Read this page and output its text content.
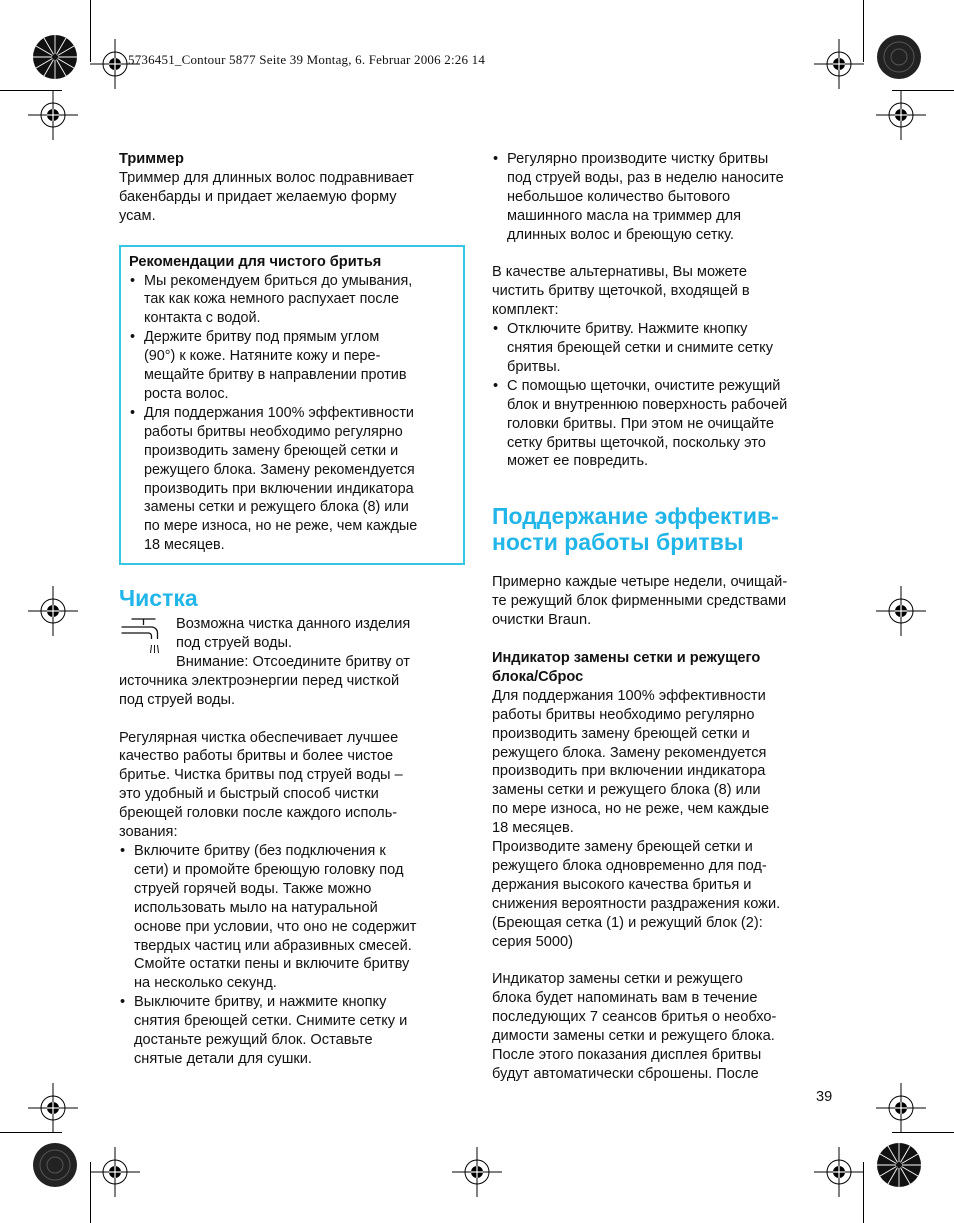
5736451_Contour 5877 Seite 39 Montag, 6. Februar 2006 2:26 14
Триммер
Триммер для длинных волос подравнивает
бакенбарды и придает желаемую форму
усам.
Рекомендации для чистого бритья
• Мы рекомендуем бриться до умывания,
так как кожа немного распухает после
контакта с водой.
• Держите бритву под прямым углом
(90°) к коже. Натяните кожу и пере-
мещайте бритву в направлении против
роста волос.
• Для поддержания 100% эффективности
работы бритвы необходимо регулярно
производить замену бреющей сетки и
режущего блока. Замену рекомендуется
производить при включении индикатора
замены сетки и режущего блока (8) или
по мере износа, но не реже, чем каждые
18 месяцев.
Чистка
Возможна чистка данного изделия
под струей воды.
Внимание: Отсоедините бритву от
источника электроэнергии перед чисткой
под струей воды.
Регулярная чистка обеспечивает лучшее
качество работы бритвы и более чистое
бритье. Чистка бритвы под струей воды –
это удобный и быстрый способ чистки
бреющей головки после каждого исполь-
зования:
• Включите бритву (без подключения к
сети) и промойте бреющую головку под
струей горячей воды. Также можно
использовать мыло на натуральной
основе при условии, что оно не содержит
твердых частиц или абразивных смесей.
Смойте остатки пены и включите бритву
на несколько секунд.
• Выключите бритву, и нажмите кнопку
снятия бреющей сетки. Снимите сетку и
достаньте режущий блок. Оставьте
снятые детали для сушки.
• Регулярно производите чистку бритвы
под струей воды, раз в неделю наносите
небольшое количество бытового
машинного масла на триммер для
длинных волос и бреющую сетку.
В качестве альтернативы, Вы можете
чистить бритву щеточкой, входящей в
комплект:
• Отключите бритву. Нажмите кнопку
снятия бреющей сетки и снимите сетку
бритвы.
• С помощью щеточки, очистите режущий
блок и внутреннюю поверхность рабочей
головки бритвы. При этом не очищайте
сетку бритвы щеточкой, поскольку это
может ее повредить.
Поддержание эффектив-
ности работы бритвы
Примерно каждые четыре недели, очищай-
те режущий блок фирменными средствами
очистки Braun.
Индикатор замены сетки и режущего
блока/Сброс
Для поддержания 100% эффективности
работы бритвы необходимо регулярно
производить замену бреющей сетки и
режущего блока. Замену рекомендуется
производить при включении индикатора
замены сетки и режущего блока (8) или
по мере износа, но не реже, чем каждые
18 месяцев.
Производите замену бреющей сетки и
режущего блока одновременно для под-
держания высокого качества бритья и
снижения вероятности раздражения кожи.
(Бреющая сетка (1) и режущий блок (2):
серия 5000)
Индикатор замены сетки и режущего
блока будет напоминать вам в течение
последующих 7 сеансов бритья о необхо-
димости замены сетки и режущего блока.
После этого показания дисплея бритвы
будут автоматически сброшены. После
39
